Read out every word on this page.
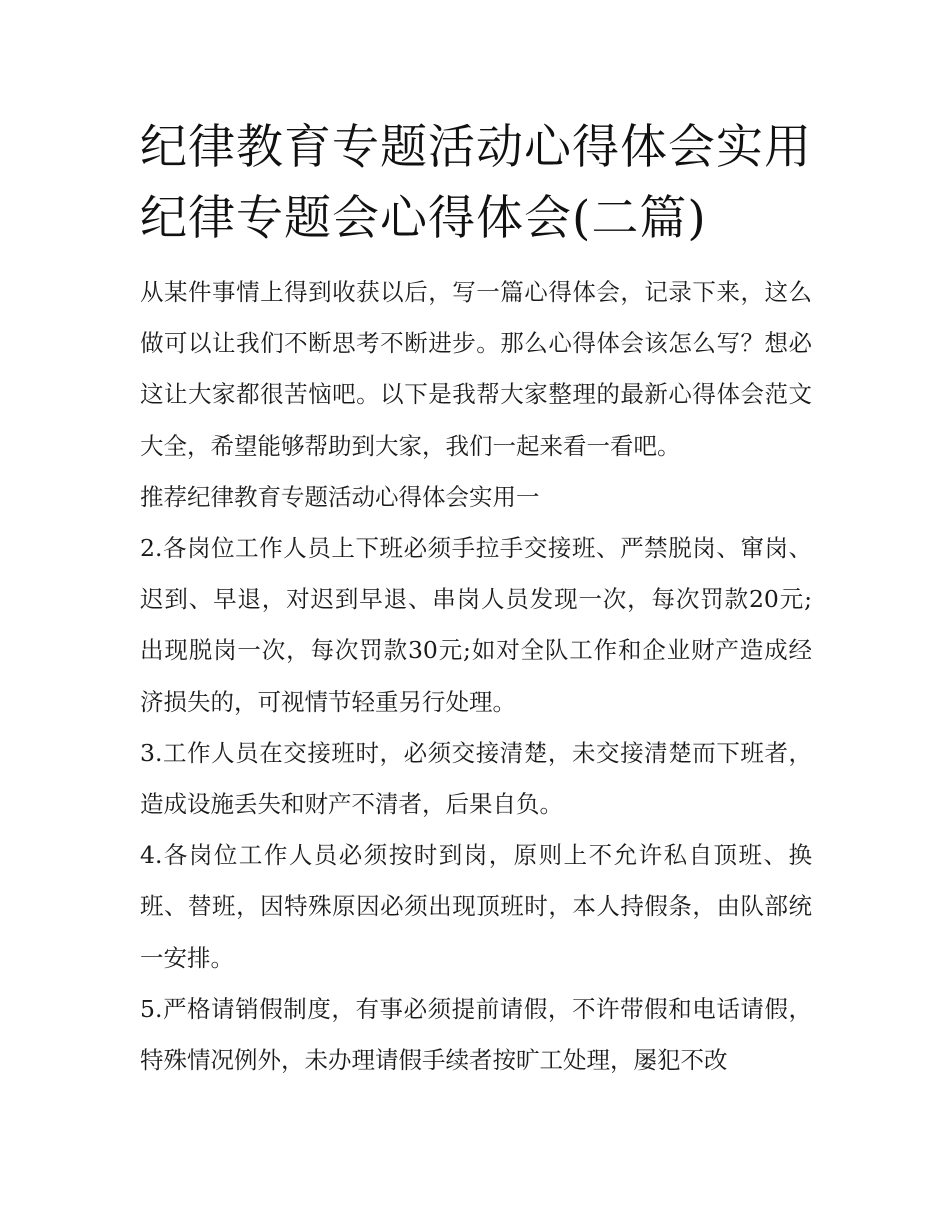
纪律教育专题活动心得体会实用 纪律专题会心得体会(二篇)

从某件事情上得到收获以后，写一篇心得体会，记录下来，这么做可以让我们不断思考不断进步。那么心得体会该怎么写？想必这让大家都很苦恼吧。以下是我帮大家整理的最新心得体会范文大全，希望能够帮助到大家，我们一起来看一看吧。

推荐纪律教育专题活动心得体会实用一

2.各岗位工作人员上下班必须手拉手交接班、严禁脱岗、窜岗、迟到、早退，对迟到早退、串岗人员发现一次，每次罚款20元;出现脱岗一次，每次罚款30元;如对全队工作和企业财产造成经济损失的，可视情节轻重另行处理。

3.工作人员在交接班时，必须交接清楚，未交接清楚而下班者，造成设施丢失和财产不清者，后果自负。

4.各岗位工作人员必须按时到岗，原则上不允许私自顶班、换班、替班，因特殊原因必须出现顶班时，本人持假条，由队部统一安排。

5.严格请销假制度，有事必须提前请假，不许带假和电话请假，特殊情况例外，未办理请假手续者按旷工处理，屡犯不改
